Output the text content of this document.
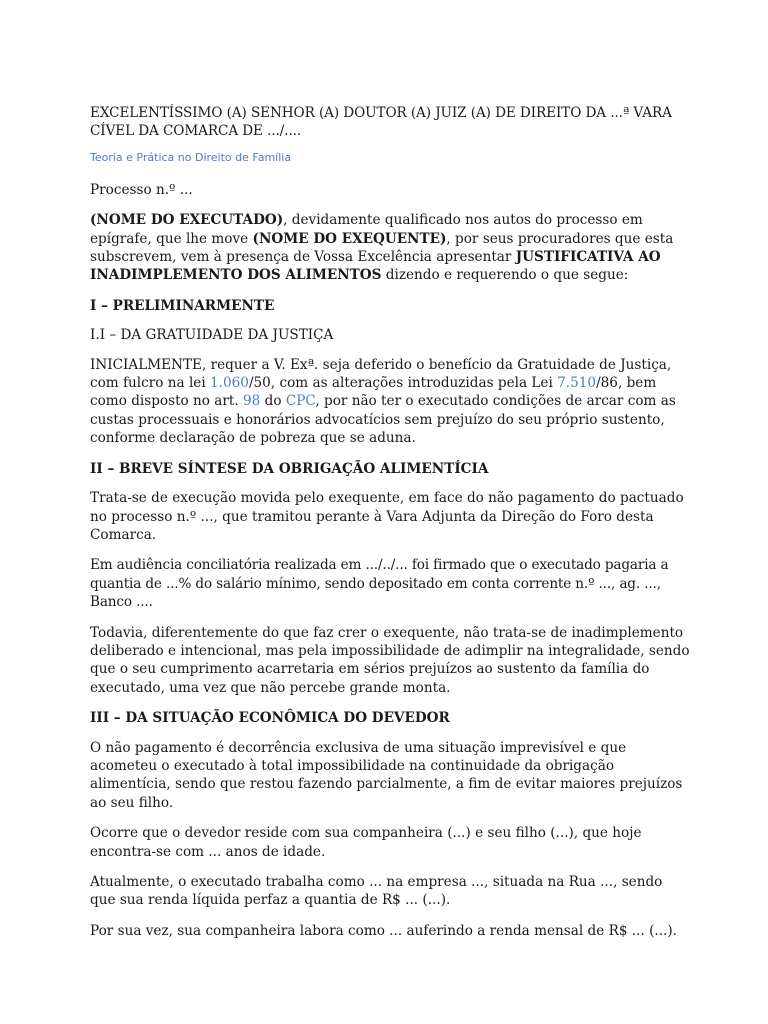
EXCELENTÍSSIMO (A) SENHOR (A) DOUTOR (A) JUIZ (A) DE DIREITO DA ...ª VARA CÍVEL DA COMARCA DE .../....

Teoria e Prática no Direito de Família

Processo n.º ...

(NOME DO EXECUTADO), devidamente qualificado nos autos do processo em epígrafe, que lhe move (NOME DO EXEQUENTE), por seus procuradores que esta subscrevem, vem à presença de Vossa Excelência apresentar JUSTIFICATIVA AO INADIMPLEMENTO DOS ALIMENTOS dizendo e requerendo o que segue:

I – PRELIMINARMENTE

I.I – DA GRATUIDADE DA JUSTIÇA

INICIALMENTE, requer a V. Exª. seja deferido o benefício da Gratuidade de Justiça, com fulcro na lei 1.060/50, com as alterações introduzidas pela Lei 7.510/86, bem como disposto no art. 98 do CPC, por não ter o executado condições de arcar com as custas processuais e honorários advocatícios sem prejuízo do seu próprio sustento, conforme declaração de pobreza que se aduna.

II – BREVE SÍNTESE DA OBRIGAÇÃO ALIMENTÍCIA

Trata-se de execução movida pelo exequente, em face do não pagamento do pactuado no processo n.º ..., que tramitou perante à Vara Adjunta da Direção do Foro desta Comarca.

Em audiência conciliatória realizada em .../../... foi firmado que o executado pagaria a quantia de ...% do salário mínimo, sendo depositado em conta corrente n.º ..., ag. ..., Banco ....

Todavia, diferentemente do que faz crer o exequente, não trata-se de inadimplemento deliberado e intencional, mas pela impossibilidade de adimplir na integralidade, sendo que o seu cumprimento acarretaria em sérios prejuízos ao sustento da família do executado, uma vez que não percebe grande monta.

III – DA SITUAÇÃO ECONÔMICA DO DEVEDOR

O não pagamento é decorrência exclusiva de uma situação imprevisível e que acometeu o executado à total impossibilidade na continuidade da obrigação alimentícia, sendo que restou fazendo parcialmente, a fim de evitar maiores prejuízos ao seu filho.

Ocorre que o devedor reside com sua companheira (...) e seu filho (...), que hoje encontra-se com ... anos de idade.

Atualmente, o executado trabalha como ... na empresa ..., situada na Rua ..., sendo que sua renda líquida perfaz a quantia de R$ ... (...).

Por sua vez, sua companheira labora como ... auferindo a renda mensal de R$ ... (...).
